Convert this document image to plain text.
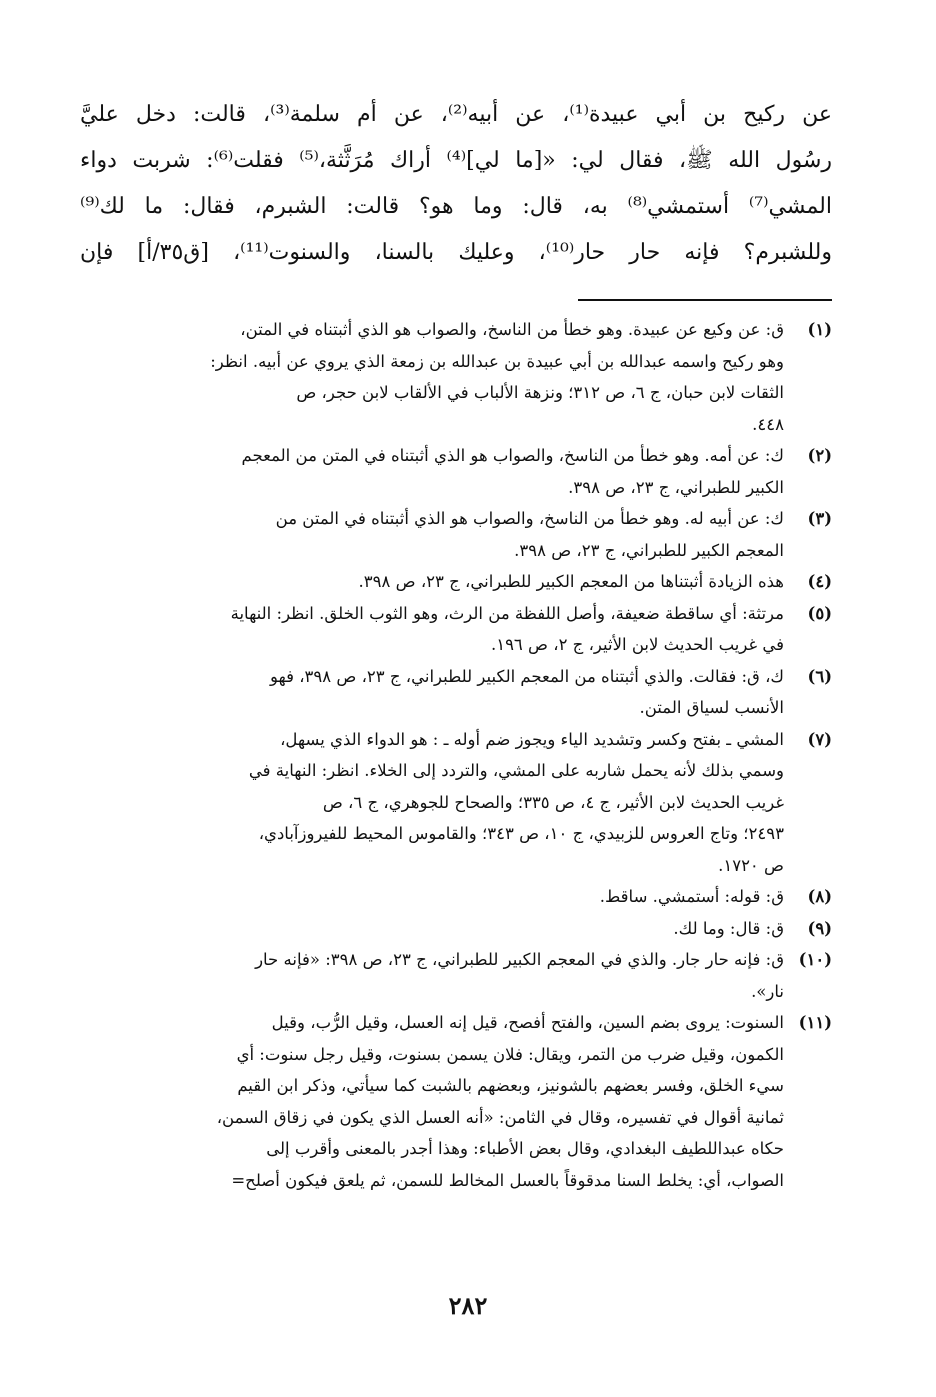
عن ركيح بن أبي عبيدة⁽¹⁾، عن أبيه⁽²⁾، عن أم سلمة⁽³⁾، قالت: دخل عليَّ
رسُول الله ﷺ، فقال لي: «[ما لي]⁽⁴⁾ أراك مُرَثَّثة،⁽⁵⁾ فقلت⁽⁶⁾: شربت دواء
المشي⁽⁷⁾ أستمشي⁽⁸⁾ به، قال: وما هو؟ قالت: الشبرم، فقال: ما لك⁽⁹⁾
وللشبرم؟ فإنه حار حار⁽¹⁰⁾، وعليك بالسنا، والسنوت⁽¹¹⁾، [ق٣٥/أ] فإن
(١)
ق: عن وكيع عن عبيدة. وهو خطأ من الناسخ، والصواب هو الذي أثبتناه في المتن،
وهو ركيح واسمه عبدالله بن أبي عبيدة بن عبدالله بن زمعة الذي يروي عن أبيه. انظر:
الثقات لابن حبان، ج ٦، ص ٣١٢؛ ونزهة الألباب في الألقاب لابن حجر، ص
٤٤٨.
(٢)
ك: عن أمه. وهو خطأ من الناسخ، والصواب هو الذي أثبتناه في المتن من المعجم
الكبير للطبراني، ج ٢٣، ص ٣٩٨.
(٣)
ك: عن أبيه له. وهو خطأ من الناسخ، والصواب هو الذي أثبتناه في المتن من
المعجم الكبير للطبراني، ج ٢٣، ص ٣٩٨.
(٤)
هذه الزيادة أثبتناها من المعجم الكبير للطبراني، ج ٢٣، ص ٣٩٨.
(٥)
مرتثة: أي ساقطة ضعيفة، وأصل اللفظة من الرث، وهو الثوب الخلق. انظر: النهاية
في غريب الحديث لابن الأثير، ج ٢، ص ١٩٦.
(٦)
ك، ق: فقالت. والذي أثبتناه من المعجم الكبير للطبراني، ج ٢٣، ص ٣٩٨، فهو
الأنسب لسياق المتن.
(٧)
المشي ـ بفتح وكسر وتشديد الياء ويجوز ضم أوله ـ : هو الدواء الذي يسهل،
وسمي بذلك لأنه يحمل شاربه على المشي، والتردد إلى الخلاء. انظر: النهاية في
غريب الحديث لابن الأثير، ج ٤، ص ٣٣٥؛ والصحاح للجوهري، ج ٦، ص
٢٤٩٣؛ وتاج العروس للزبيدي، ج ١٠، ص ٣٤٣؛ والقاموس المحيط للفيروزآبادي،
ص ١٧٢٠.
(٨)
ق: قوله: أستمشي. ساقط.
(٩)
ق: قال: وما لك.
(١٠)
ق: فإنه حار جار. والذي في المعجم الكبير للطبراني، ج ٢٣، ص ٣٩٨: «فإنه حار
نار».
(١١)
السنوت: يروى بضم السين، والفتح أفصح، قيل إنه العسل، وقيل الرُّب، وقيل
الكمون، وقيل ضرب من التمر، ويقال: فلان يسمن بسنوت، وقيل رجل سنوت: أي
سيء الخلق، وفسر بعضهم بالشونيز، وبعضهم بالشبت كما سيأتي، وذكر ابن القيم
ثمانية أقوال في تفسيره، وقال في الثامن: «أنه العسل الذي يكون في زقاق السمن،
حكاه عبداللطيف البغدادي، وقال بعض الأطباء: وهذا أجدر بالمعنى وأقرب إلى
الصواب، أي: يخلط السنا مدقوقاً بالعسل المخالط للسمن، ثم يلعق فيكون أصلح=
٢٨٢
